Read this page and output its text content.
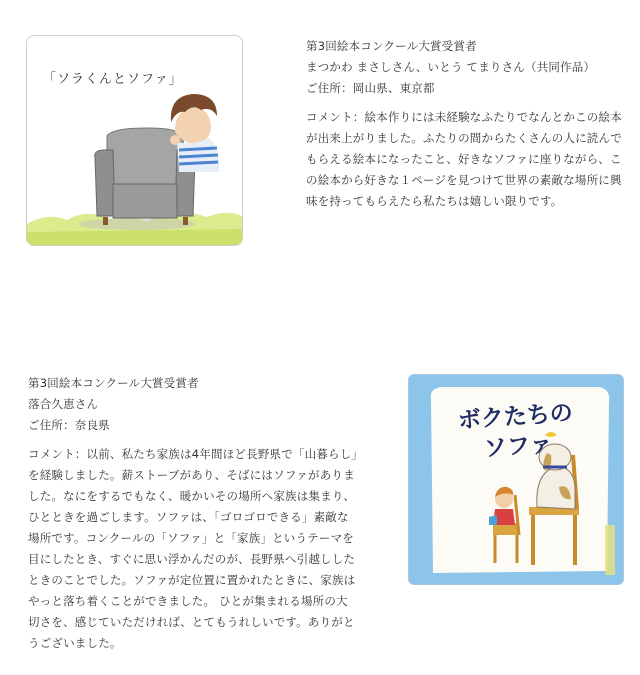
「ソラくんとソファ」
第3回絵本コンクール大賞受賞者
まつかわ まさしさん、いとう てまりさん（共同作品）
ご住所：岡山県、東京都
コメント：絵本作りには未経験なふたりでなんとかこの絵本が出来上がりました。ふたりの間からたくさんの人に読んでもらえる絵本になったこと、好きなソファに座りながら、この絵本から好きな１ページを見つけて世界の素敵な場所に興味を持ってもらえたら私たちは嬉しい限りです。
第3回絵本コンクール大賞受賞者
落合久恵さん
ご住所：奈良県
コメント：以前、私たち家族は4年間ほど長野県で「山暮らし」を経験しました。薪ストーブがあり、そばにはソファがありました。なにをするでもなく、暖かいその場所へ家族は集まり、ひとときを過ごします。ソファは、「ゴロゴロできる」素敵な場所です。コンクールの「ソファ」と「家族」というテーマを目にしたとき、すぐに思い浮かんだのが、長野県へ引越ししたときのことでした。ソファが定位置に置かれたときに、家族はやっと落ち着くことができました。 ひとが集まれる場所の大切さを、感じていただければ、とてもうれしいです。ありがとうございました。
ボクたちの
ソファ
